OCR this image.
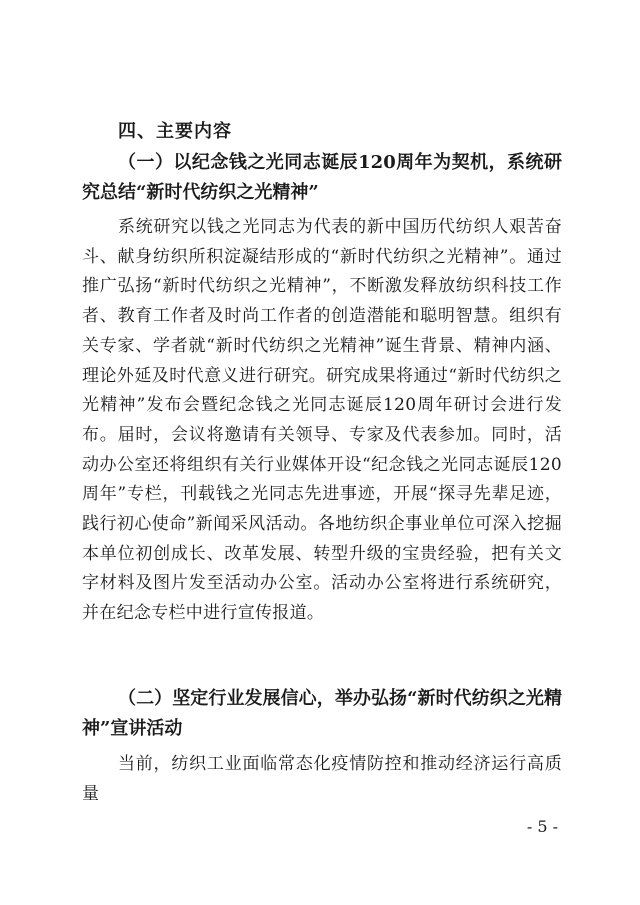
四、主要内容
（一）以纪念钱之光同志诞辰120周年为契机，系统研究总结“新时代纺织之光精神”

系统研究以钱之光同志为代表的新中国历代纺织人艰苦奋斗、献身纺织所积淀凝结形成的“新时代纺织之光精神”。通过推广弘扬“新时代纺织之光精神”，不断激发释放纺织科技工作者、教育工作者及时尚工作者的创造潜能和聪明智慧。组织有关专家、学者就“新时代纺织之光精神”诞生背景、精神内涵、理论外延及时代意义进行研究。研究成果将通过“新时代纺织之光精神”发布会暨纪念钱之光同志诞辰120周年研讨会进行发布。届时，会议将邀请有关领导、专家及代表参加。同时，活动办公室还将组织有关行业媒体开设“纪念钱之光同志诞辰120周年”专栏，刊载钱之光同志先进事迹，开展“探寻先辈足迹，践行初心使命”新闻采风活动。各地纺织企事业单位可深入挖掘本单位初创成长、改革发展、转型升级的宝贵经验，把有关文字材料及图片发至活动办公室。活动办公室将进行系统研究，并在纪念专栏中进行宣传报道。

（二）坚定行业发展信心，举办弘扬“新时代纺织之光精神”宣讲活动

当前，纺织工业面临常态化疫情防控和推动经济运行高质量

- 5 -
